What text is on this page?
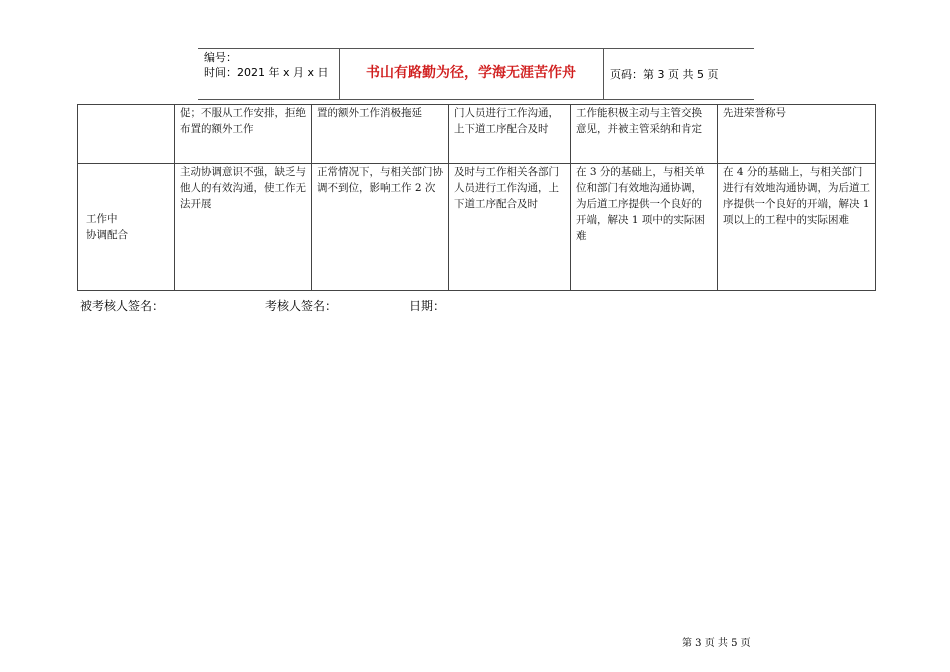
编号：
时间：2021 年 x 月 x 日	书山有路勤为径，学海无涯苦作舟	页码：第 3 页 共 5 页
	促；不服从工作安排，拒绝布置的额外工作	置的额外工作消极拖延	门人员进行工作沟通，上下道工序配合及时	工作能积极主动与主管交换意见，并被主管采纳和肯定	先进荣誉称号

工作中
协调配合	主动协调意识不强，缺乏与他人的有效沟通，使工作无法开展	正常情况下，与相关部门协调不到位，影响工作 2 次	及时与工作相关各部门人员进行工作沟通，上下道工序配合及时	在 3 分的基础上，与相关单位和部门有效地沟通协调，为后道工序提供一个良好的开端，解决 1 项中的实际困难	在 4 分的基础上，与相关部门进行有效地沟通协调，为后道工序提供一个良好的开端，解决 1 项以上的工程中的实际困难
被考核人签名：	考核人签名：	日期：
第 3 页 共 5 页
